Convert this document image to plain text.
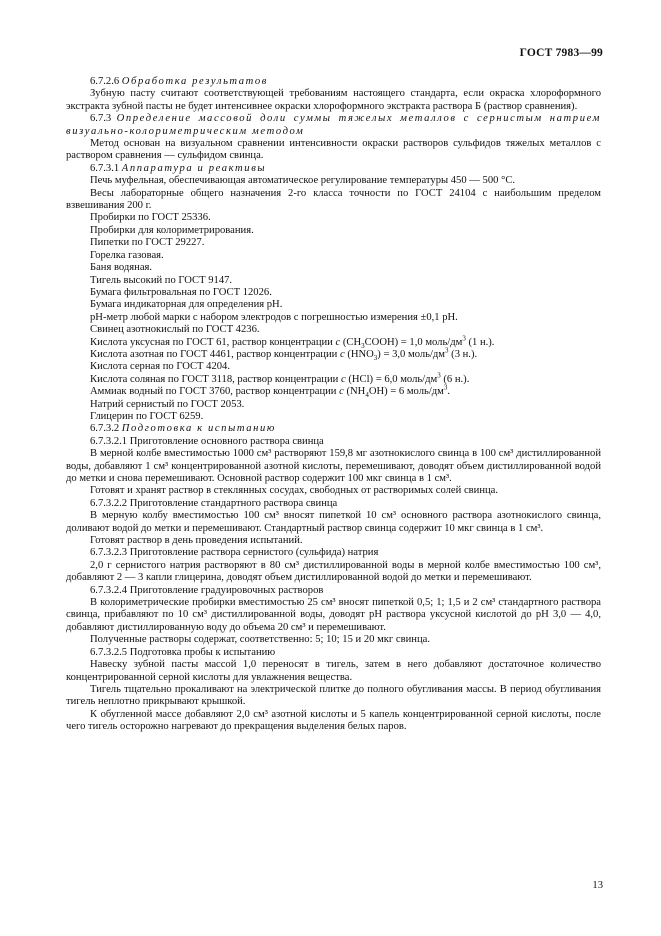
ГОСТ 7983—99

6.7.2.6 Обработка результатов

Зубную пасту считают соответствующей требованиям настоящего стандарта, если окраска хлороформного экстракта зубной пасты не будет интенсивнее окраски хлороформного экстракта раствора Б (раствор сравнения).

6.7.3 Определение массовой доли суммы тяжелых металлов с сернистым натрием визуально-колориметрическим методом

Метод основан на визуальном сравнении интенсивности окраски растворов сульфидов тяжелых металлов с раствором сравнения — сульфидом свинца.

6.7.3.1 Аппаратура и реактивы

Печь муфельная, обеспечивающая автоматическое регулирование температуры 450 — 500 °С.

Весы лабораторные общего назначения 2-го класса точности по ГОСТ 24104 с наибольшим пределом взвешивания 200 г.

Пробирки по ГОСТ 25336.

Пробирки для колориметрирования.

Пипетки по ГОСТ 29227.

Горелка газовая.

Баня водяная.

Тигель высокий по ГОСТ 9147.

Бумага фильтровальная по ГОСТ 12026.

Бумага индикаторная для определения рН.

рН-метр любой марки с набором электродов с погрешностью измерения ±0,1 рН.

Свинец азотнокислый по ГОСТ 4236.

Кислота уксусная по ГОСТ 61, раствор концентрации c $(CH_3COOH) = 1,0$ моль/$дм^3$ (1 н.).

Кислота азотная по ГОСТ 4461, раствор концентрации c $(HNO_3) = 3,0$ моль/$дм^3$ (3 н.).

Кислота серная по ГОСТ 4204.

Кислота соляная по ГОСТ 3118, раствор концентрации c (HCl) = 6,0 моль/$дм^3$ (6 н.).

Аммиак водный по ГОСТ 3760, раствор концентрации c $(NH_4OH) = 6$ моль/$дм^3$.

Натрий сернистый по ГОСТ 2053.

Глицерин по ГОСТ 6259.

6.7.3.2 Подготовка к испытанию

6.7.3.2.1 Приготовление основного раствора свинца

В мерной колбе вместимостью 1000 см³ растворяют 159,8 мг азотнокислого свинца в 100 см³ дистиллированной воды, добавляют 1 см³ концентрированной азотной кислоты, перемешивают, доводят объем дистиллированной водой до метки и снова перемешивают. Основной раствор содержит 100 мкг свинца в 1 см³.

Готовят и хранят раствор в стеклянных сосудах, свободных от растворимых солей свинца.

6.7.3.2.2 Приготовление стандартного раствора свинца

В мерную колбу вместимостью 100 см³ вносят пипеткой 10 см³ основного раствора азотнокислого свинца, доливают водой до метки и перемешивают. Стандартный раствор свинца содержит 10 мкг свинца в 1 см³.

Готовят раствор в день проведения испытаний.

6.7.3.2.3 Приготовление раствора сернистого (сульфида) натрия

2,0 г сернистого натрия растворяют в 80 см³ дистиллированной воды в мерной колбе вместимостью 100 см³, добавляют 2 — 3 капли глицерина, доводят объем дистиллированной водой до метки и перемешивают.

6.7.3.2.4 Приготовление градуировочных растворов

В колориметрические пробирки вместимостью 25 см³ вносят пипеткой 0,5; 1; 1,5 и 2 см³ стандартного раствора свинца, прибавляют по 10 см³ дистиллированной воды, доводят рН раствора уксусной кислотой до рН 3,0 — 4,0, добавляют дистиллированную воду до объема 20 см³ и перемешивают.

Полученные растворы содержат, соответственно: 5; 10; 15 и 20 мкг свинца.

6.7.3.2.5 Подготовка пробы к испытанию

Навеску зубной пасты массой 1,0 переносят в тигель, затем в него добавляют достаточное количество концентрированной серной кислоты для увлажнения вещества.

Тигель тщательно прокаливают на электрической плитке до полного обугливания массы. В период обугливания тигель неплотно прикрывают крышкой.

К обугленной массе добавляют 2,0 см³ азотной кислоты и 5 капель концентрированной серной кислоты, после чего тигель осторожно нагревают до прекращения выделения белых паров.

13
